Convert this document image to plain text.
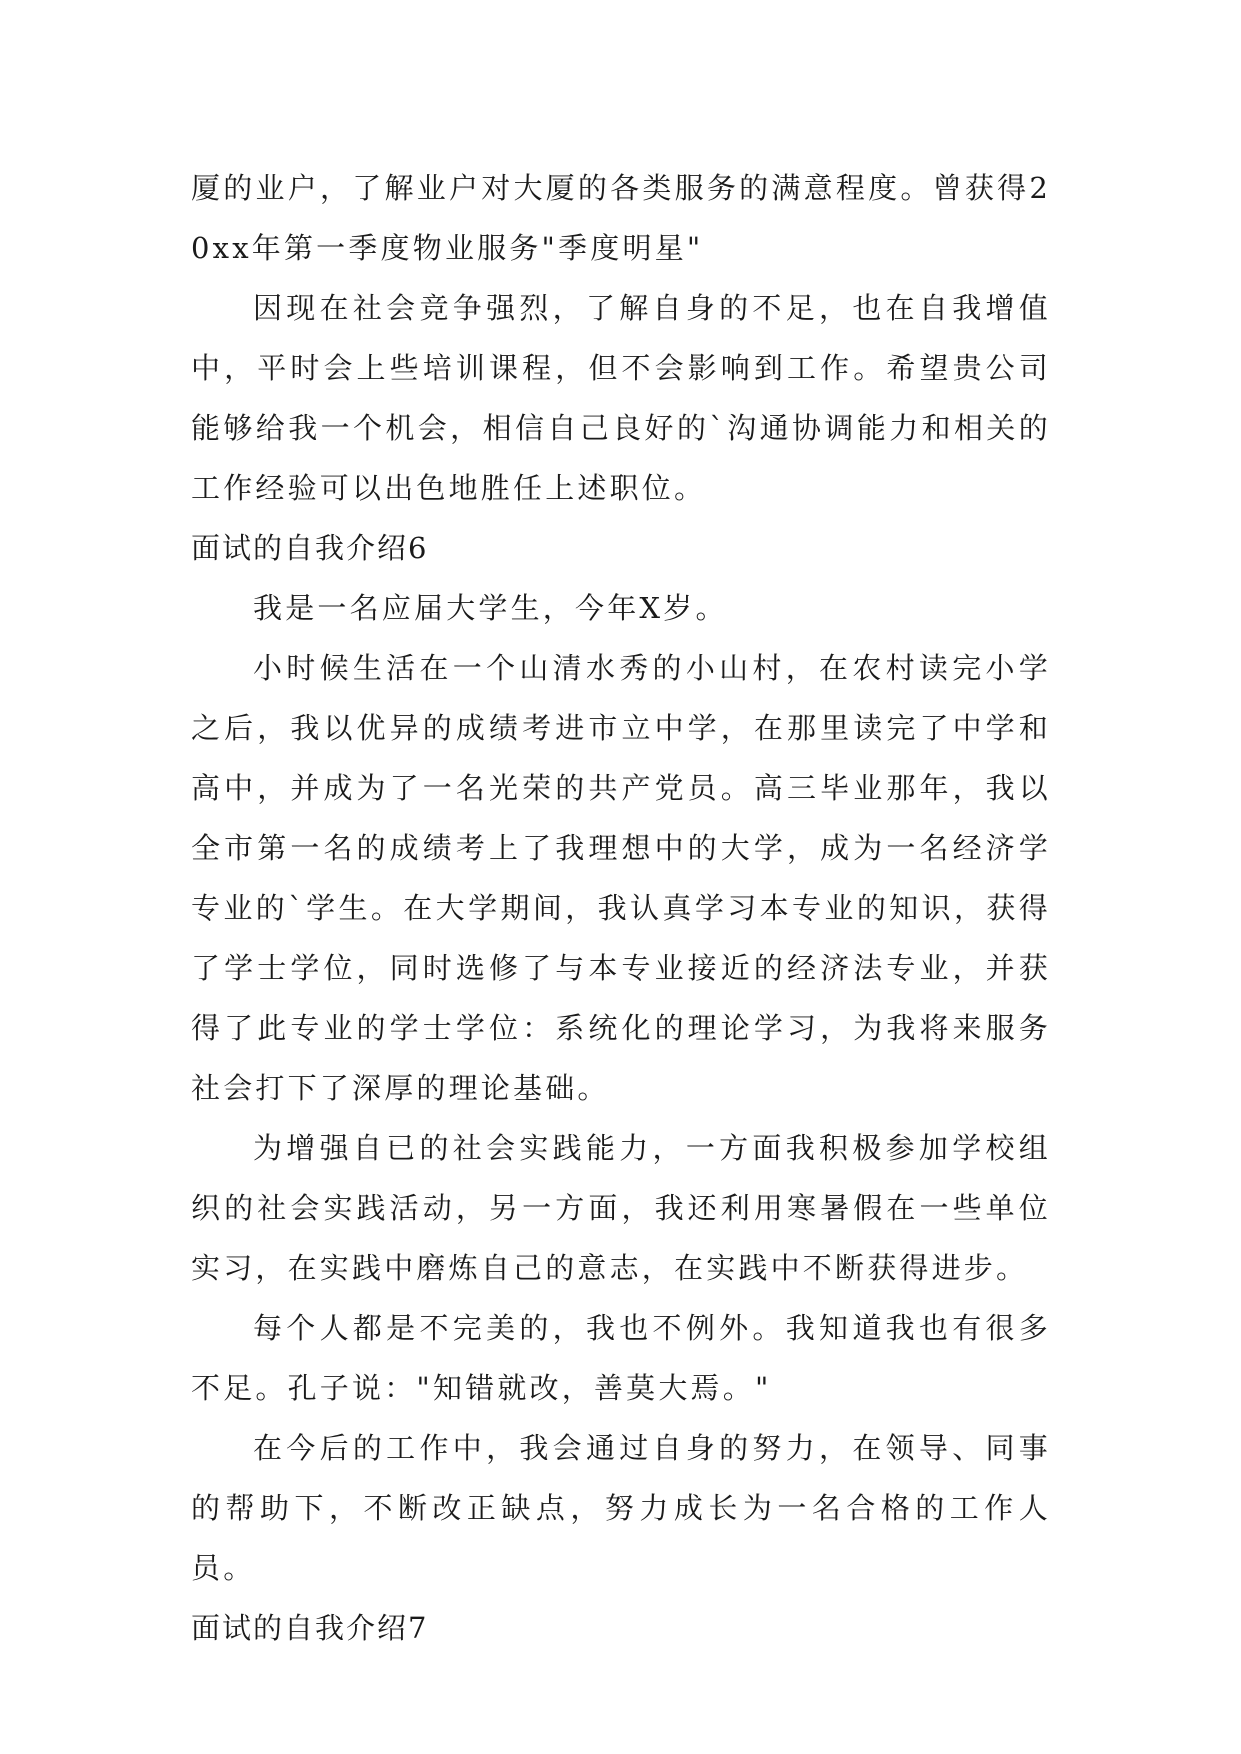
厦的业户，了解业户对大厦的各类服务的满意程度。曾获得20xx年第一季度物业服务"季度明星"

因现在社会竞争强烈，了解自身的不足，也在自我增值中，平时会上些培训课程，但不会影响到工作。希望贵公司能够给我一个机会，相信自己良好的`沟通协调能力和相关的工作经验可以出色地胜任上述职位。

面试的自我介绍6

我是一名应届大学生，今年X岁。

小时候生活在一个山清水秀的小山村，在农村读完小学之后，我以优异的成绩考进市立中学，在那里读完了中学和高中，并成为了一名光荣的共产党员。高三毕业那年，我以全市第一名的成绩考上了我理想中的大学，成为一名经济学专业的`学生。在大学期间，我认真学习本专业的知识，获得了学士学位，同时选修了与本专业接近的经济法专业，并获得了此专业的学士学位：系统化的理论学习，为我将来服务社会打下了深厚的理论基础。

为增强自已的社会实践能力，一方面我积极参加学校组织的社会实践活动，另一方面，我还利用寒暑假在一些单位实习，在实践中磨炼自己的意志，在实践中不断获得进步。

每个人都是不完美的，我也不例外。我知道我也有很多不足。孔子说："知错就改，善莫大焉。"

在今后的工作中，我会通过自身的努力，在领导、同事的帮助下，不断改正缺点，努力成长为一名合格的工作人员。

面试的自我介绍7
